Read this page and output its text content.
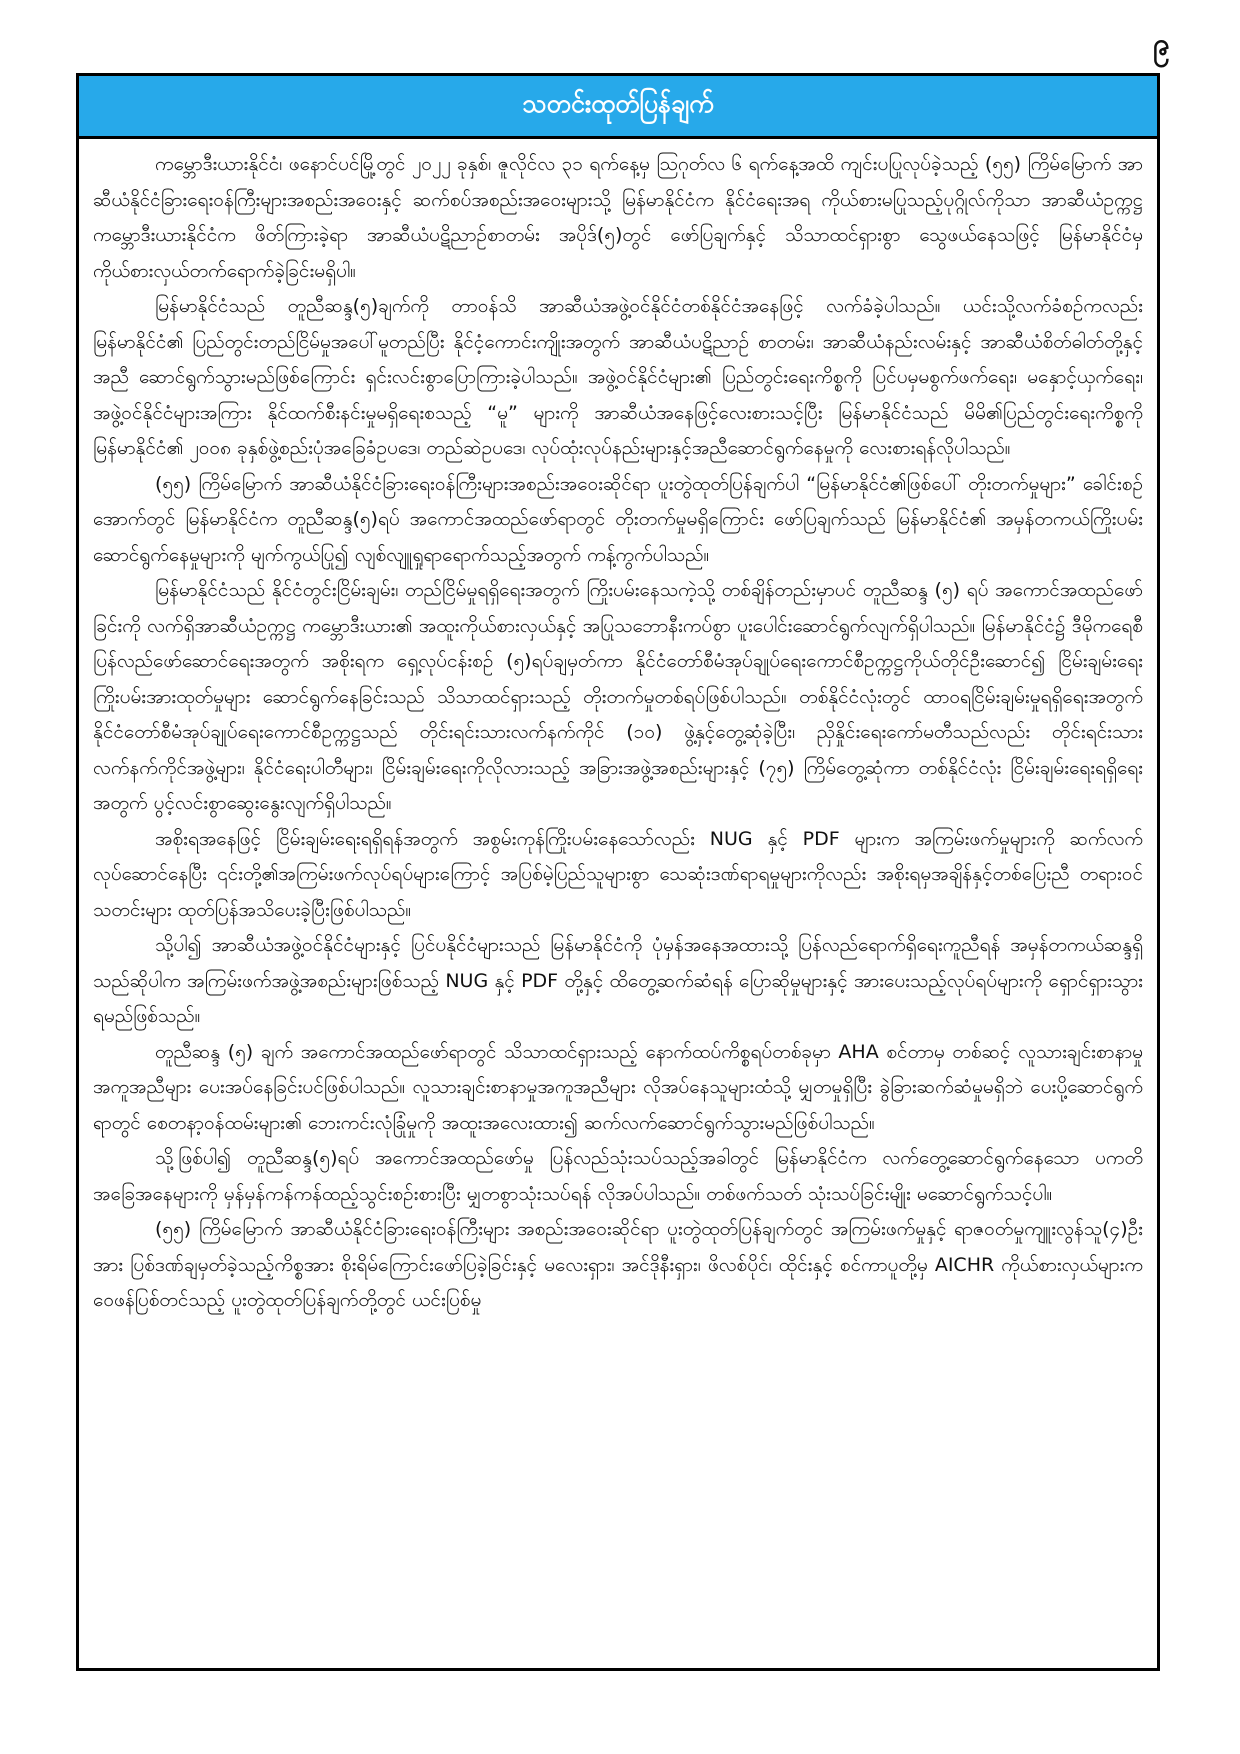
၉
သတင်းထုတ်ပြန်ချက်

ကမ္ဘောဒီးယားနိုင်ငံ၊ ဖနောင်ပင်မြို့တွင် ၂၀၂၂ ခုနှစ်၊ ဇူလိုင်လ ၃၁ ရက်နေ့မှ ဩဂုတ်လ ၆ ရက်နေ့အထိ ကျင်းပပြုလုပ်ခဲ့သည့် (၅၅) ကြိမ်မြောက် အာဆီယံနိုင်ငံခြားရေးဝန်ကြီးများအစည်းအဝေးနှင့် ဆက်စပ်အစည်းအဝေးများသို့ မြန်မာနိုင်ငံက နိုင်ငံရေးအရ ကိုယ်စားမပြုသည့်ပုဂ္ဂိုလ်ကိုသာ အာဆီယံဥက္ကဋ္ဌ ကမ္ဘောဒီးယားနိုင်ငံက ဖိတ်ကြားခဲ့ရာ အာဆီယံပဋိညာဉ်စာတမ်း အပိုဒ်(၅)တွင် ဖော်ပြချက်နှင့် သိသာထင်ရှားစွာ သွေဖယ်နေသဖြင့် မြန်မာနိုင်ငံမှ ကိုယ်စားလှယ်တက်ရောက်ခဲ့ခြင်းမရှိပါ။

မြန်မာနိုင်ငံသည် တူညီဆန္ဒ(၅)ချက်ကို တာဝန်သိ အာဆီယံအဖွဲ့ဝင်နိုင်ငံတစ်နိုင်ငံအနေဖြင့် လက်ခံခဲ့ပါသည်။ ယင်းသို့လက်ခံစဉ်ကလည်း မြန်မာနိုင်ငံ၏ ပြည်တွင်းတည်ငြိမ်မှုအပေါ်မူတည်ပြီး နိုင်ငံ့ကောင်းကျိုးအတွက် အာဆီယံပဋိညာဉ် စာတမ်း၊ အာဆီယံနည်းလမ်းနှင့် အာဆီယံစိတ်ဓါတ်တို့နှင့်အညီ ဆောင်ရွက်သွားမည်ဖြစ်ကြောင်း ရှင်းလင်းစွာပြောကြားခဲ့ပါသည်။ အဖွဲ့ဝင်နိုင်ငံများ၏ ပြည်တွင်းရေးကိစ္စကို ပြင်ပမှမစွက်ဖက်ရေး၊ မနှောင့်ယှက်ရေး၊ အဖွဲ့ဝင်နိုင်ငံများအကြား နိုင်ထက်စီးနင်းမှုမရှိရေးစသည့် “မူ” များကို အာဆီယံအနေဖြင့်လေးစားသင့်ပြီး မြန်မာနိုင်ငံသည် မိမိ၏ပြည်တွင်းရေးကိစ္စကို မြန်မာနိုင်ငံ၏ ၂၀၀၈ ခုနှစ်ဖွဲ့စည်းပုံအခြေခံဥပဒေ၊ တည်ဆဲဥပဒေ၊ လုပ်ထုံးလုပ်နည်းများနှင့်အညီဆောင်ရွက်နေမှုကို လေးစားရန်လိုပါသည်။

(၅၅) ကြိမ်မြောက် အာဆီယံနိုင်ငံခြားရေးဝန်ကြီးများအစည်းအဝေးဆိုင်ရာ ပူးတွဲထုတ်ပြန်ချက်ပါ “မြန်မာနိုင်ငံ၏ဖြစ်ပေါ် တိုးတက်မှုများ” ခေါင်းစဉ်အောက်တွင် မြန်မာနိုင်ငံက တူညီဆန္ဒ(၅)ရပ် အကောင်အထည်ဖော်ရာတွင် တိုးတက်မှုမရှိကြောင်း ဖော်ပြချက်သည် မြန်မာနိုင်ငံ၏ အမှန်တကယ်ကြိုးပမ်းဆောင်ရွက်နေမှုများကို မျက်ကွယ်ပြု၍ လျစ်လျူရှုရာရောက်သည့်အတွက် ကန့်ကွက်ပါသည်။

မြန်မာနိုင်ငံသည် နိုင်ငံတွင်းငြိမ်းချမ်း၊ တည်ငြိမ်မှုရရှိရေးအတွက် ကြိုးပမ်းနေသကဲ့သို့ တစ်ချိန်တည်းမှာပင် တူညီဆန္ဒ (၅) ရပ် အကောင်အထည်ဖော်ခြင်းကို လက်ရှိအာဆီယံဥက္ကဋ္ဌ ကမ္ဘောဒီးယား၏ အထူးကိုယ်စားလှယ်နှင့် အပြုသဘောနီးကပ်စွာ ပူးပေါင်းဆောင်ရွက်လျက်ရှိပါသည်။ မြန်မာနိုင်ငံ၌ ဒီမိုကရေစီပြန်လည်ဖော်ဆောင်ရေးအတွက် အစိုးရက ရှေ့လုပ်ငန်းစဉ် (၅)ရပ်ချမှတ်ကာ နိုင်ငံတော်စီမံအုပ်ချုပ်ရေးကောင်စီဥက္ကဋ္ဌကိုယ်တိုင်ဦးဆောင်၍ ငြိမ်းချမ်းရေးကြိုးပမ်းအားထုတ်မှုများ ဆောင်ရွက်နေခြင်းသည် သိသာထင်ရှားသည့် တိုးတက်မှုတစ်ရပ်ဖြစ်ပါသည်။ တစ်နိုင်ငံလုံးတွင် ထာဝရငြိမ်းချမ်းမှုရရှိရေးအတွက် နိုင်ငံတော်စီမံအုပ်ချုပ်ရေးကောင်စီဥက္ကဋ္ဌသည် တိုင်းရင်းသားလက်နက်ကိုင် (၁၀) ဖွဲ့နှင့်တွေ့ဆုံခဲ့ပြီး၊ ညှိနှိုင်းရေးကော်မတီသည်လည်း တိုင်းရင်းသားလက်နက်ကိုင်အဖွဲ့များ၊ နိုင်ငံရေးပါတီများ၊ ငြိမ်းချမ်းရေးကိုလိုလားသည့် အခြားအဖွဲ့အစည်းများနှင့် (၇၅) ကြိမ်တွေ့ဆုံကာ တစ်နိုင်ငံလုံး ငြိမ်းချမ်းရေးရရှိရေးအတွက် ပွင့်လင်းစွာဆွေးနွေးလျက်ရှိပါသည်။

အစိုးရအနေဖြင့် ငြိမ်းချမ်းရေးရရှိရန်အတွက် အစွမ်းကုန်ကြိုးပမ်းနေသော်လည်း NUG နှင့် PDF များက အကြမ်းဖက်မှုများကို ဆက်လက်လုပ်ဆောင်နေပြီး ၎င်းတို့၏အကြမ်းဖက်လုပ်ရပ်များကြောင့် အပြစ်မဲ့ပြည်သူများစွာ သေဆုံးဒဏ်ရာရမှုများကိုလည်း အစိုးရမှအချိန်နှင့်တစ်ပြေးညီ တရားဝင်သတင်းများ ထုတ်ပြန်အသိပေးခဲ့ပြီးဖြစ်ပါသည်။

သို့ပါ၍ အာဆီယံအဖွဲ့ဝင်နိုင်ငံများနှင့် ပြင်ပနိုင်ငံများသည် မြန်မာနိုင်ငံကို ပုံမှန်အနေအထားသို့ ပြန်လည်ရောက်ရှိရေးကူညီရန် အမှန်တကယ်ဆန္ဒရှိသည်ဆိုပါက အကြမ်းဖက်အဖွဲ့အစည်းများဖြစ်သည့် NUG နှင့် PDF တို့နှင့် ထိတွေ့ဆက်ဆံရန် ပြောဆိုမှုများနှင့် အားပေးသည့်လုပ်ရပ်များကို ရှောင်ရှားသွားရမည်ဖြစ်သည်။

တူညီဆန္ဒ (၅) ချက် အကောင်အထည်ဖော်ရာတွင် သိသာထင်ရှားသည့် နောက်ထပ်ကိစ္စရပ်တစ်ခုမှာ AHA စင်တာမှ တစ်ဆင့် လူသားချင်းစာနာမှုအကူအညီများ ပေးအပ်နေခြင်းပင်ဖြစ်ပါသည်။ လူသားချင်းစာနာမှုအကူအညီများ လိုအပ်နေသူများထံသို့ မျှတမှုရှိပြီး ခွဲခြားဆက်ဆံမှုမရှိဘဲ ပေးပို့ဆောင်ရွက်ရာတွင် စေတနာ့ဝန်ထမ်းများ၏ ဘေးကင်းလုံခြုံမှုကို အထူးအလေးထား၍ ဆက်လက်ဆောင်ရွက်သွားမည်ဖြစ်ပါသည်။

သို့ဖြစ်ပါ၍ တူညီဆန္ဒ(၅)ရပ် အကောင်အထည်ဖော်မှု ပြန်လည်သုံးသပ်သည့်အခါတွင် မြန်မာနိုင်ငံက လက်တွေ့ဆောင်ရွက်နေသော ပကတိအခြေအနေများကို မှန်မှန်ကန်ကန်ထည့်သွင်းစဉ်းစားပြီး မျှတစွာသုံးသပ်ရန် လိုအပ်ပါသည်။ တစ်ဖက်သတ် သုံးသပ်ခြင်းမျိုး မဆောင်ရွက်သင့်ပါ။

(၅၅) ကြိမ်မြောက် အာဆီယံနိုင်ငံခြားရေးဝန်ကြီးများ အစည်းအဝေးဆိုင်ရာ ပူးတွဲထုတ်ပြန်ချက်တွင် အကြမ်းဖက်မှုနှင့် ရာဇဝတ်မှုကျူးလွန်သူ(၄)ဦးအား ပြစ်ဒဏ်ချမှတ်ခဲ့သည့်ကိစ္စအား စိုးရိမ်ကြောင်းဖော်ပြခဲ့ခြင်းနှင့် မလေးရှား၊ အင်ဒိုနီးရှား၊ ဖိလစ်ပိုင်၊ ထိုင်းနှင့် စင်ကာပူတို့မှ AICHR ကိုယ်စားလှယ်များက ဝေဖန်ပြစ်တင်သည့် ပူးတွဲထုတ်ပြန်ချက်တို့တွင် ယင်းပြစ်မှု
